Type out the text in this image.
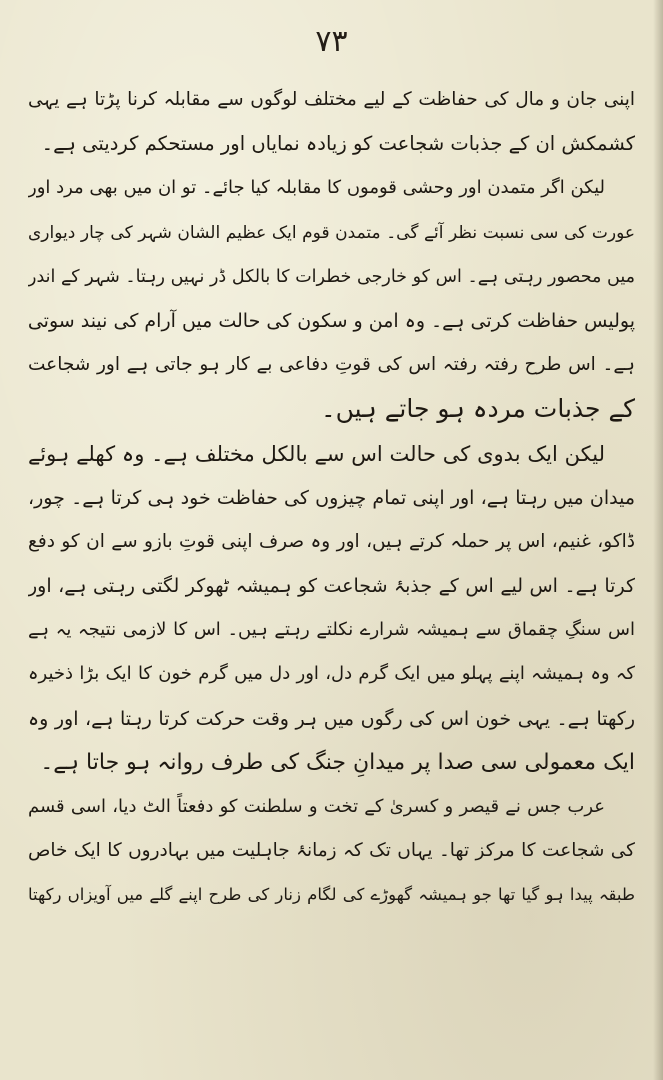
٧٣
اپنی جان و مال کی حفاظت کے لیے مختلف لوگوں سے مقابلہ کرنا پڑتا ہے یہی
کشمکش ان کے جذبات شجاعت کو زیادہ نمایاں اور مستحکم کردیتی ہے۔
لیکن اگر متمدن اور وحشی قوموں کا مقابلہ کیا جائے۔ تو ان میں بھی مرد اور
عورت کی سی نسبت نظر آئے گی۔ متمدن قوم ایک عظیم الشان شہر کی چار دیواری
میں محصور رہتی ہے۔ اس کو خارجی خطرات کا بالکل ڈر نہیں رہتا۔ شہر کے اندر
پولیس حفاظت کرتی ہے۔ وہ امن و سکون کی حالت میں آرام کی نیند سوتی
ہے۔ اس طرح رفتہ رفتہ اس کی قوتِ دفاعی بے کار ہو جاتی ہے اور شجاعت
کے جذبات مردہ ہو جاتے ہیں۔
لیکن ایک بدوی کی حالت اس سے بالکل مختلف ہے۔ وہ کھلے ہوئے
میدان میں رہتا ہے، اور اپنی تمام چیزوں کی حفاظت خود ہی کرتا ہے۔ چور،
ڈاکو، غنیم، اس پر حملہ کرتے ہیں، اور وہ صرف اپنی قوتِ بازو سے ان کو دفع
کرتا ہے۔ اس لیے اس کے جذبۂ شجاعت کو ہمیشہ ٹھوکر لگتی رہتی ہے، اور
اس سنگِ چقماق سے ہمیشہ شرارے نکلتے رہتے ہیں۔ اس کا لازمی نتیجہ یہ ہے
کہ وہ ہمیشہ اپنے پہلو میں ایک گرم دل، اور دل میں گرم خون کا ایک بڑا ذخیرہ
رکھتا ہے۔ یہی خون اس کی رگوں میں ہر وقت حرکت کرتا رہتا ہے، اور وہ
ایک معمولی سی صدا پر میدانِ جنگ کی طرف روانہ ہو جاتا ہے۔
عرب جس نے قیصر و کسریٰ کے تخت و سلطنت کو دفعتاً الٹ دیا، اسی قسم
کی شجاعت کا مرکز تھا۔ یہاں تک کہ زمانۂ جاہلیت میں بہادروں کا ایک خاص
طبقہ پیدا ہو گیا تھا جو ہمیشہ گھوڑے کی لگام زنار کی طرح اپنے گلے میں آویزاں رکھتا
